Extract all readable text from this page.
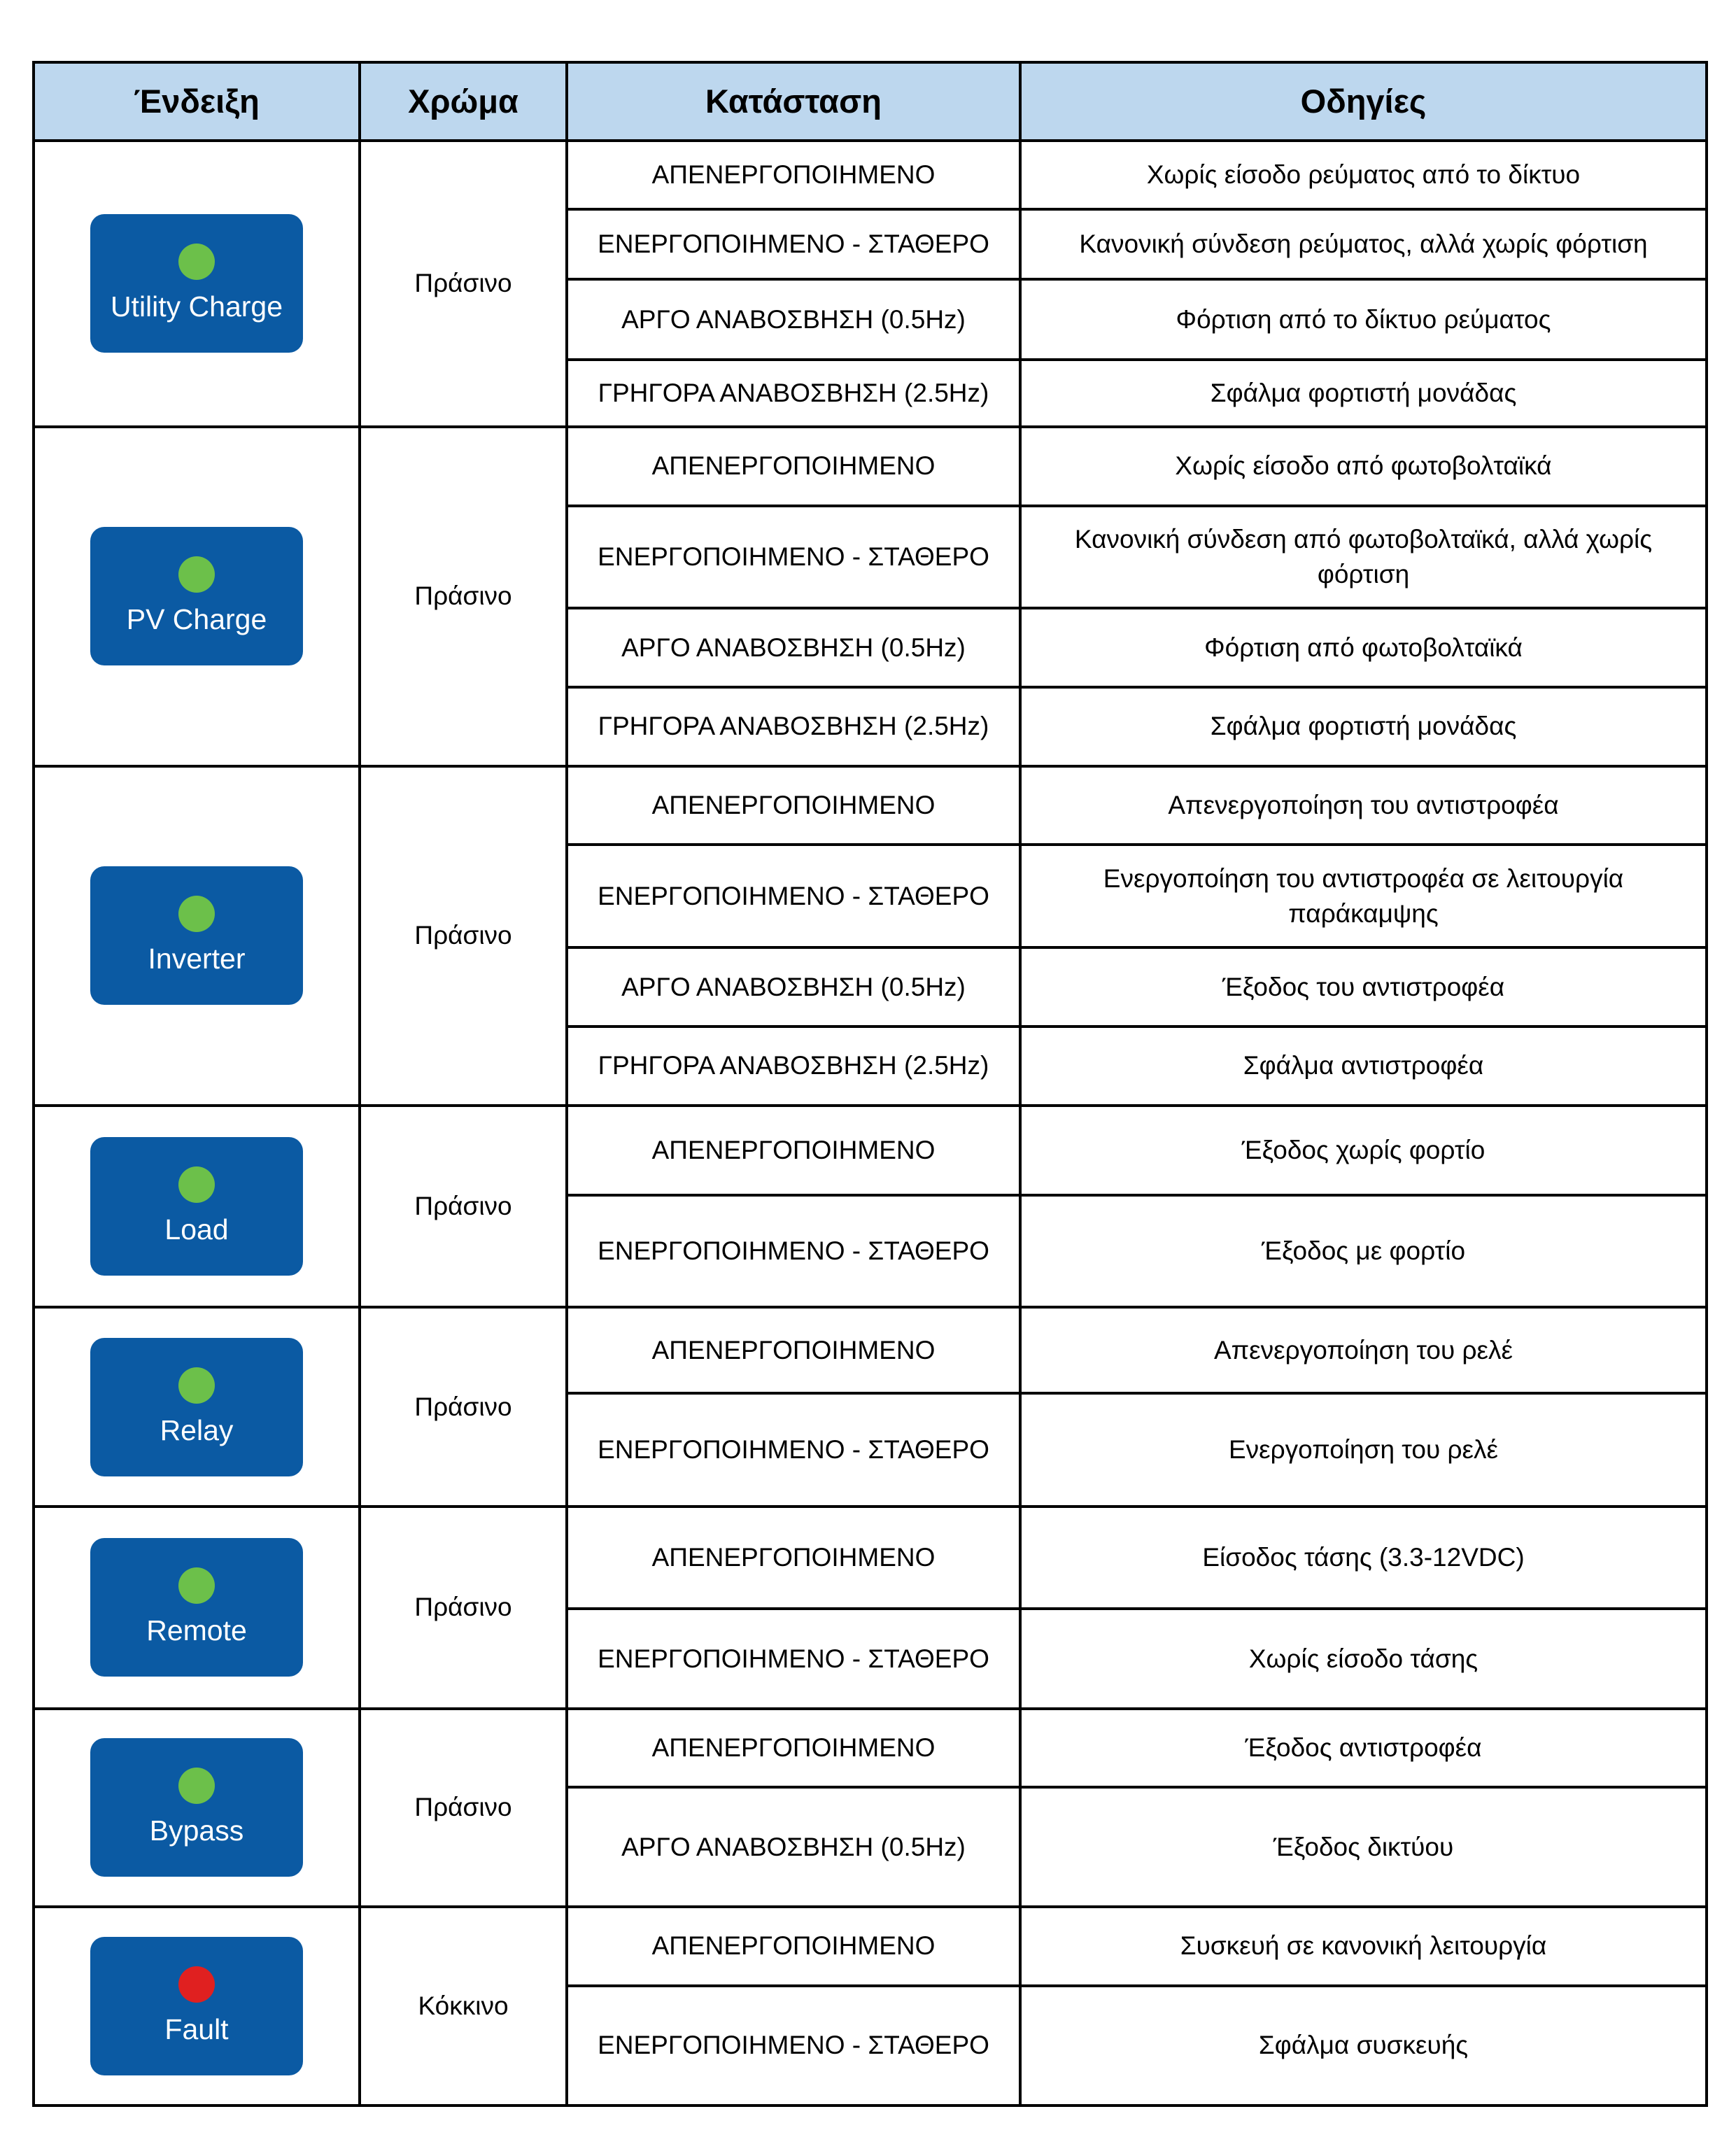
Ένδειξη	Χρώμα	Κατάσταση	Οδηγίες

Utility Charge	Πράσινο	ΑΠΕΝΕΡΓΟΠΟΙΗΜΕΝΟ	Χωρίς είσοδο ρεύματος από το δίκτυο
		ΕΝΕΡΓΟΠΟΙΗΜΕΝΟ - ΣΤΑΘΕΡΟ	Κανονική σύνδεση ρεύματος, αλλά χωρίς φόρτιση
		ΑΡΓΟ ΑΝΑΒΟΣΒΗΣΗ (0.5Hz)	Φόρτιση από το δίκτυο ρεύματος
		ΓΡΗΓΟΡΑ ΑΝΑΒΟΣΒΗΣΗ (2.5Hz)	Σφάλμα φορτιστή μονάδας

PV Charge	Πράσινο	ΑΠΕΝΕΡΓΟΠΟΙΗΜΕΝΟ	Χωρίς είσοδο από φωτοβολταϊκά
		ΕΝΕΡΓΟΠΟΙΗΜΕΝΟ - ΣΤΑΘΕΡΟ	Κανονική σύνδεση από φωτοβολταϊκά, αλλά χωρίς φόρτιση
		ΑΡΓΟ ΑΝΑΒΟΣΒΗΣΗ (0.5Hz)	Φόρτιση από φωτοβολταϊκά
		ΓΡΗΓΟΡΑ ΑΝΑΒΟΣΒΗΣΗ (2.5Hz)	Σφάλμα φορτιστή μονάδας

Inverter	Πράσινο	ΑΠΕΝΕΡΓΟΠΟΙΗΜΕΝΟ	Απενεργοποίηση του αντιστροφέα
		ΕΝΕΡΓΟΠΟΙΗΜΕΝΟ - ΣΤΑΘΕΡΟ	Ενεργοποίηση του αντιστροφέα σε λειτουργία παράκαμψης
		ΑΡΓΟ ΑΝΑΒΟΣΒΗΣΗ (0.5Hz)	Έξοδος του αντιστροφέα
		ΓΡΗΓΟΡΑ ΑΝΑΒΟΣΒΗΣΗ (2.5Hz)	Σφάλμα αντιστροφέα

Load	Πράσινο	ΑΠΕΝΕΡΓΟΠΟΙΗΜΕΝΟ	Έξοδος χωρίς φορτίο
		ΕΝΕΡΓΟΠΟΙΗΜΕΝΟ - ΣΤΑΘΕΡΟ	Έξοδος με φορτίο

Relay	Πράσινο	ΑΠΕΝΕΡΓΟΠΟΙΗΜΕΝΟ	Απενεργοποίηση του ρελέ
		ΕΝΕΡΓΟΠΟΙΗΜΕΝΟ - ΣΤΑΘΕΡΟ	Ενεργοποίηση του ρελέ

Remote	Πράσινο	ΑΠΕΝΕΡΓΟΠΟΙΗΜΕΝΟ	Είσοδος τάσης (3.3-12VDC)
		ΕΝΕΡΓΟΠΟΙΗΜΕΝΟ - ΣΤΑΘΕΡΟ	Χωρίς είσοδο τάσης

Bypass	Πράσινο	ΑΠΕΝΕΡΓΟΠΟΙΗΜΕΝΟ	Έξοδος αντιστροφέα
		ΑΡΓΟ ΑΝΑΒΟΣΒΗΣΗ (0.5Hz)	Έξοδος δικτύου

Fault	Κόκκινο	ΑΠΕΝΕΡΓΟΠΟΙΗΜΕΝΟ	Συσκευή σε κανονική λειτουργία
		ΕΝΕΡΓΟΠΟΙΗΜΕΝΟ - ΣΤΑΘΕΡΟ	Σφάλμα συσκευής
